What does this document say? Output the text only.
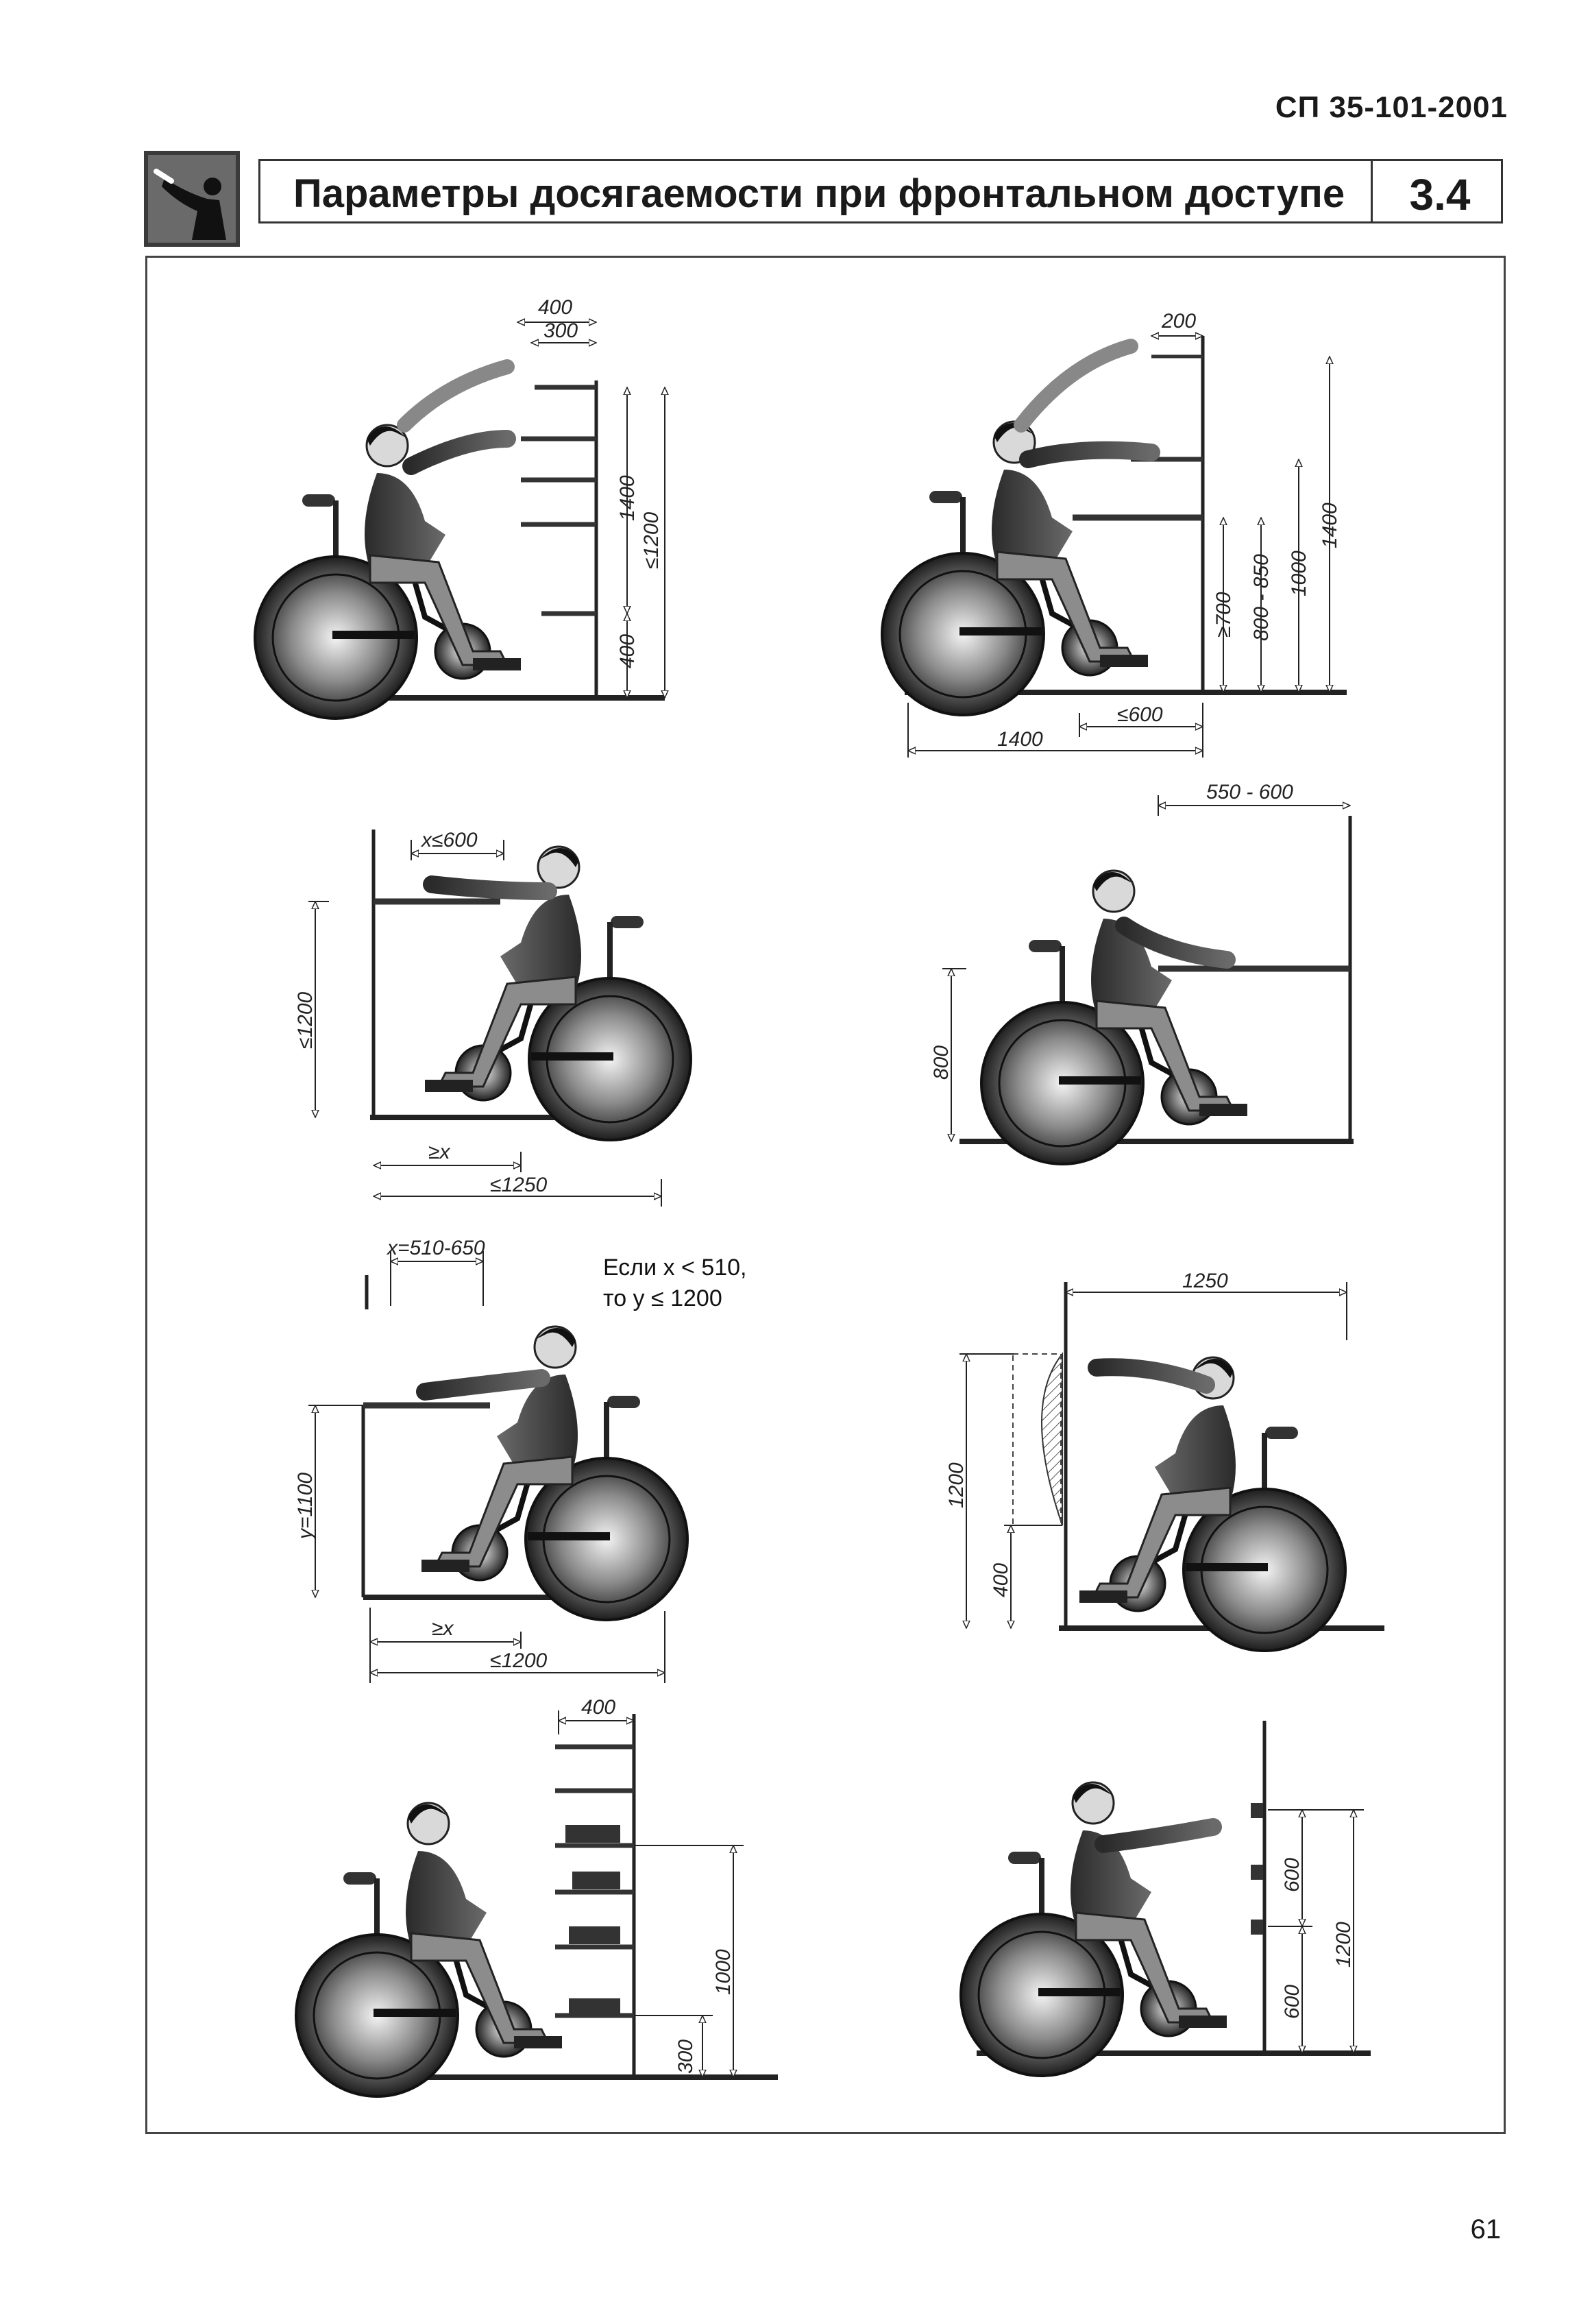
СП 35-101-2001
Параметры досягаемости при фронтальном доступе	3.4
400
300
1400
400
≤1200
200
≥700 800 - 850 1000
1400
1400
≤600
x≤600
≤1200
≥x
≤1250
550 - 600
800
x=510-650
Если x < 510,
то y ≤ 1200
y=1100
≥x
≤1200
1250
1200
400
400
1000
300
600
600
1200
61
